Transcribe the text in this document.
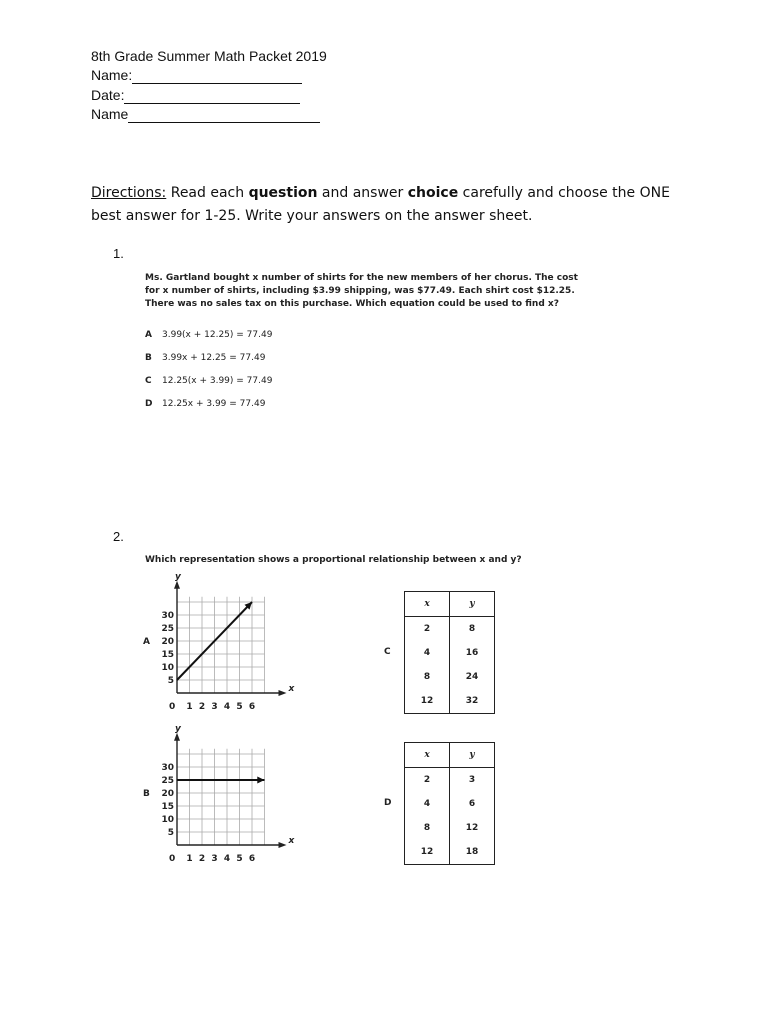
8th Grade Summer Math Packet 2019
Name:
Date:
Name
Directions: Read each question and answer choice carefully and choose the ONE best answer for 1-25. Write your answers on the answer sheet.
1.
Ms. Gartland bought x number of shirts for the new members of her chorus. The cost
for x number of shirts, including $3.99 shipping, was $77.49. Each shirt cost $12.25.
There was no sales tax on this purchase. Which equation could be used to find x?
A 3.99(x + 12.25) = 77.49
B 3.99x + 12.25 = 77.49
C 12.25(x + 3.99) = 77.49
D 12.25x + 3.99 = 77.49
2.
Which representation shows a proportional relationship between x and y?
x
y
0
30
25
20
15
10
5
1 2 3 4 5 6
A
x
y
0
30
25
20
15
10
5
1 2 3 4 5 6
B
C
x	y
2	8
4	16
8	24
12	32
D
x	y
2	3
4	6
8	12
12	18
